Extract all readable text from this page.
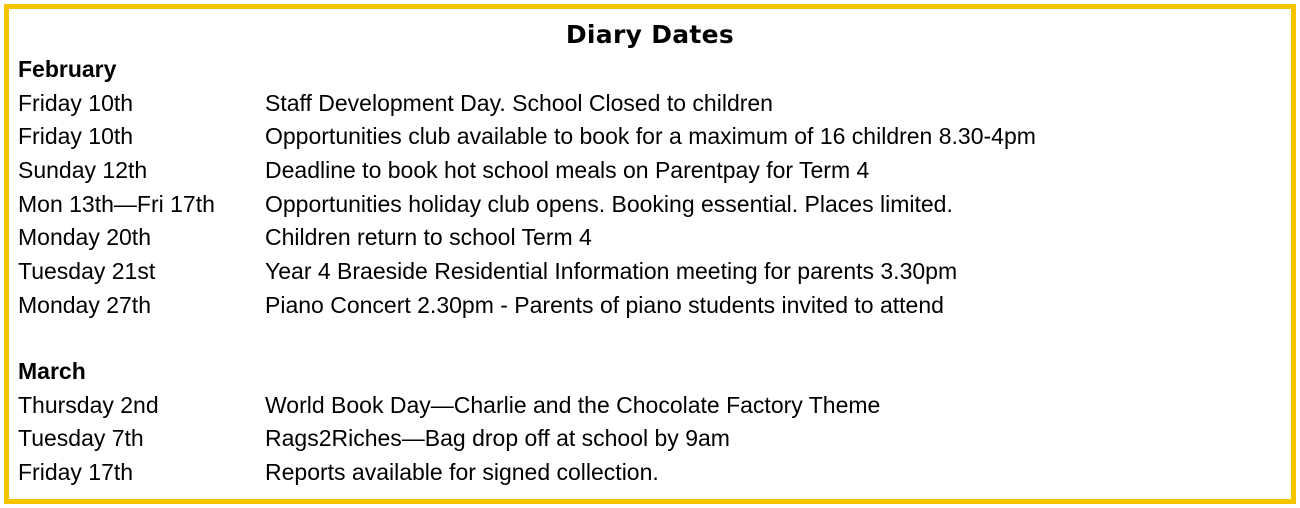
Diary Dates
February
Friday 10th	Staff Development Day. School Closed to children
Friday 10th	Opportunities club available to book for a maximum of 16 children 8.30-4pm
Sunday 12th	Deadline to book hot school meals on Parentpay for Term 4
Mon 13th—Fri 17th	Opportunities holiday club opens. Booking essential. Places limited.
Monday 20th	Children return to school Term 4
Tuesday 21st	Year 4 Braeside Residential Information meeting for parents 3.30pm
Monday 27th	Piano Concert 2.30pm - Parents of piano students invited to attend
March
Thursday 2nd	World Book Day—Charlie and the Chocolate Factory Theme
Tuesday 7th	Rags2Riches—Bag drop off at school by 9am
Friday 17th	Reports available for signed collection.
